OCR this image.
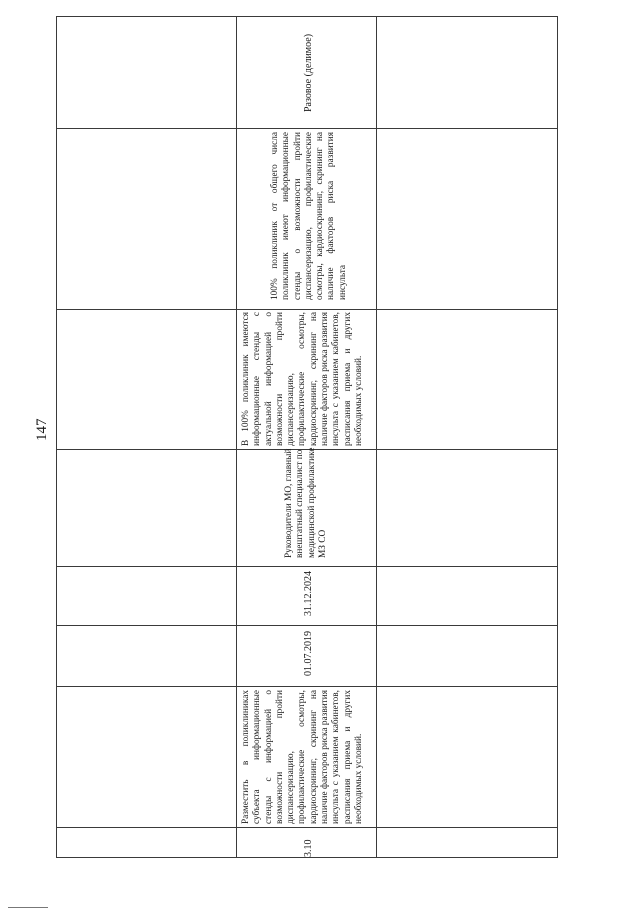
147
3.10
Разместить в поликлиниках субъекта информационные стенды с информацией о возможности пройти диспансеризацию, профилактические осмотры, кардиоскрининг, скрининг на наличие факторов риска развития инсульта с указанием кабинетов, расписания приема и других необходимых условий.
01.07.2019
31.12.2024
Руководители МО, главный внештатный специалист по медицинской профилактике МЗ СО
В 100% поликлиник имеются информационные стенды с актуальной информацией о возможности пройти диспансеризацию, профилактические осмотры, кардиоскрининг, скрининг на наличие факторов риска развития инсульта с указанием кабинетов, расписания приема и других необходимых условий.
100% поликлиник от общего числа поликлиник имеют информационные стенды о возможности пройти диспансеризацию, профилактические осмотры, кардиоскрининг, скрининг на наличие факторов риска развития инсульта
Разовое (делимое)
